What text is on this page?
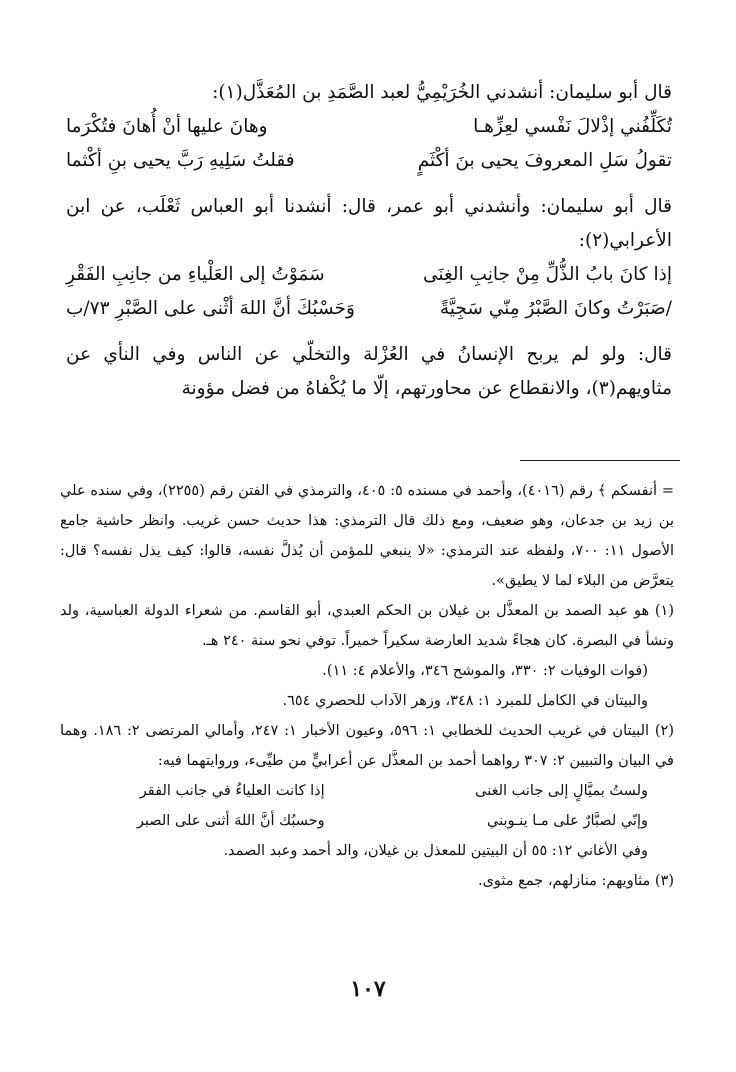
قال أبو سليمان: أنشدني الخُرَيْمِيُّ لعبد الصَّمَدِ بن المُعَذَّل(١):

تُكَلِّفُني إذْلالَ نَفْسي لعِزِّهـا
وهانَ عليها أنْ أُهانَ فتُكْرَما
تقولُ سَلِ المعروفَ يحيى بنَ أكْثَمٍ
فقلتُ سَلِيهِ رَبَّ يحيى بنِ أكْثما

قال أبو سليمان: وأنشدني أبو عمر، قال: أنشدنا أبو العباس ثَعْلَب، عن ابن الأعرابي(٢):

إذا كانَ بابُ الذُّلِّ مِنْ جانِبِ الغِنَى
سَمَوْتُ إلى العَلْياءِ من جانِبِ الفَقْرِ
/صَبَرْتُ وكانَ الصَّبْرُ مِنّي سَجِيَّةً
وَحَسْبُكَ أنَّ اللهَ أثْنى على الصَّبْرِ ٧٣/ب

قال: ولو لم يربح الإنسانُ في العُزْلة والتخلّي عن الناس وفي النأي عن مثاويهم(٣)، والانقطاع عن محاورتهم، إلّا ما يُكْفاهُ من فضل مؤونة

= أنفسكم ﴾ رقم (٤٠١٦)، وأحمد في مسنده ٥: ٤٠٥، والترمذي في الفتن رقم (٢٢٥٥)، وفي سنده علي بن زيد بن جدعان، وهو ضعيف، ومع ذلك قال الترمذي: هذا حديث حسن غريب. وانظر حاشية جامع الأصول ١١: ٧٠٠، ولفظه عند الترمذي: «لا ينبغي للمؤمن أن يُذلَّ نفسه، قالوا: كيف يذل نفسه؟ قال: يتعرَّض من البلاء لما لا يطيق».

(١) هو عبد الصمد بن المعذَّل بن غيلان بن الحكم العبدي، أبو القاسم. من شعراء الدولة العباسية، ولد ونشأ في البصرة. كان هجاءً شديد العارضة سكيراً خميراً. توفي نحو سنة ٢٤٠ هـ.

(فوات الوفيات ٢: ٣٣٠، والموشح ٣٤٦، والأعلام ٤: ١١).

والبيتان في الكامل للمبرد ١: ٣٤٨، وزهر الآداب للحصري ٦٥٤.

(٢) البيتان في غريب الحديث للخطابي ١: ٥٩٦، وعيون الأخبار ١: ٢٤٧، وأمالي المرتضى ٢: ١٨٦. وهما في البيان والتبيين ٢: ٣٠٧ رواهما أحمد بن المعذَّل عن أعرابيٍّ من طيِّىء، وروايتهما فيه:

ولستُ بميَّالٍ إلى جانب الغنى
إذا كانت العلياءُ في جانب الفقر
وإنّي لصبَّارٌ على مـا ينـوبني
وحسبُك أنَّ اللهَ أثنى على الصبر

وفي الأغاني ١٢: ٥٥ أن البيتين للمعذل بن غيلان، والد أحمد وعبد الصمد.

(٣) مثاويهم: منازلهم، جمع مثوى.

١٠٧
